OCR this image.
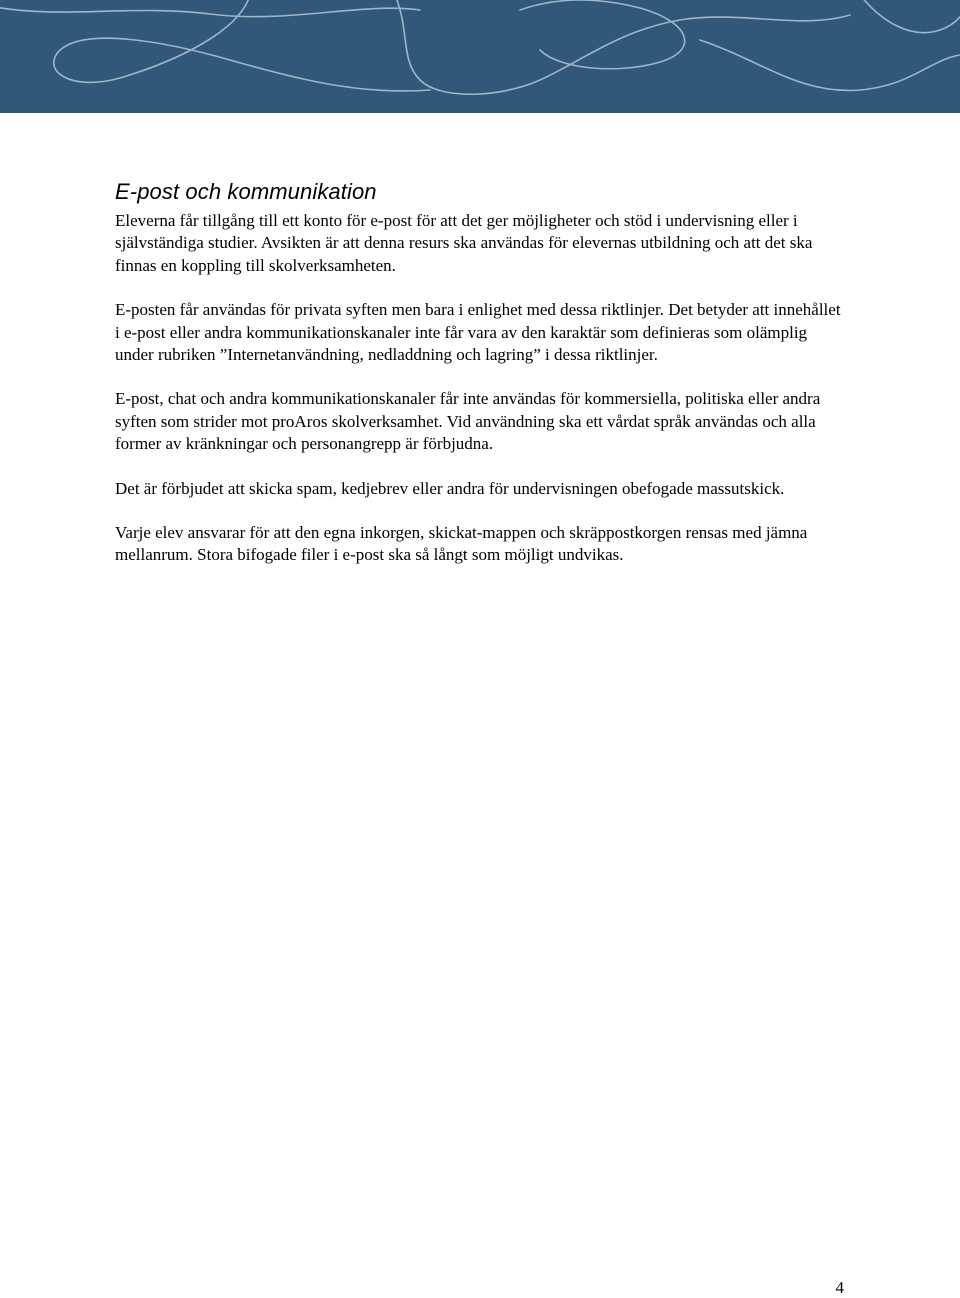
E-post och kommunikation

Eleverna får tillgång till ett konto för e-post för att det ger möjligheter och stöd i undervisning eller i självständiga studier. Avsikten är att denna resurs ska användas för elevernas utbildning och att det ska finnas en koppling till skolverksamheten.

E-posten får användas för privata syften men bara i enlighet med dessa riktlinjer. Det betyder att innehållet i e-post eller andra kommunikationskanaler inte får vara av den karaktär som definieras som olämplig under rubriken ”Internetanvändning, nedladdning och lagring” i dessa riktlinjer.

E-post, chat och andra kommunikationskanaler får inte användas för kommersiella, politiska eller andra syften som strider mot proAros skolverksamhet. Vid användning ska ett vårdat språk användas och alla former av kränkningar och personangrepp är förbjudna.

Det är förbjudet att skicka spam, kedjebrev eller andra för undervisningen obefogade massutskick.

Varje elev ansvarar för att den egna inkorgen, skickat-mappen och skräppostkorgen rensas med jämna mellanrum. Stora bifogade filer i e-post ska så långt som möjligt undvikas.

4
